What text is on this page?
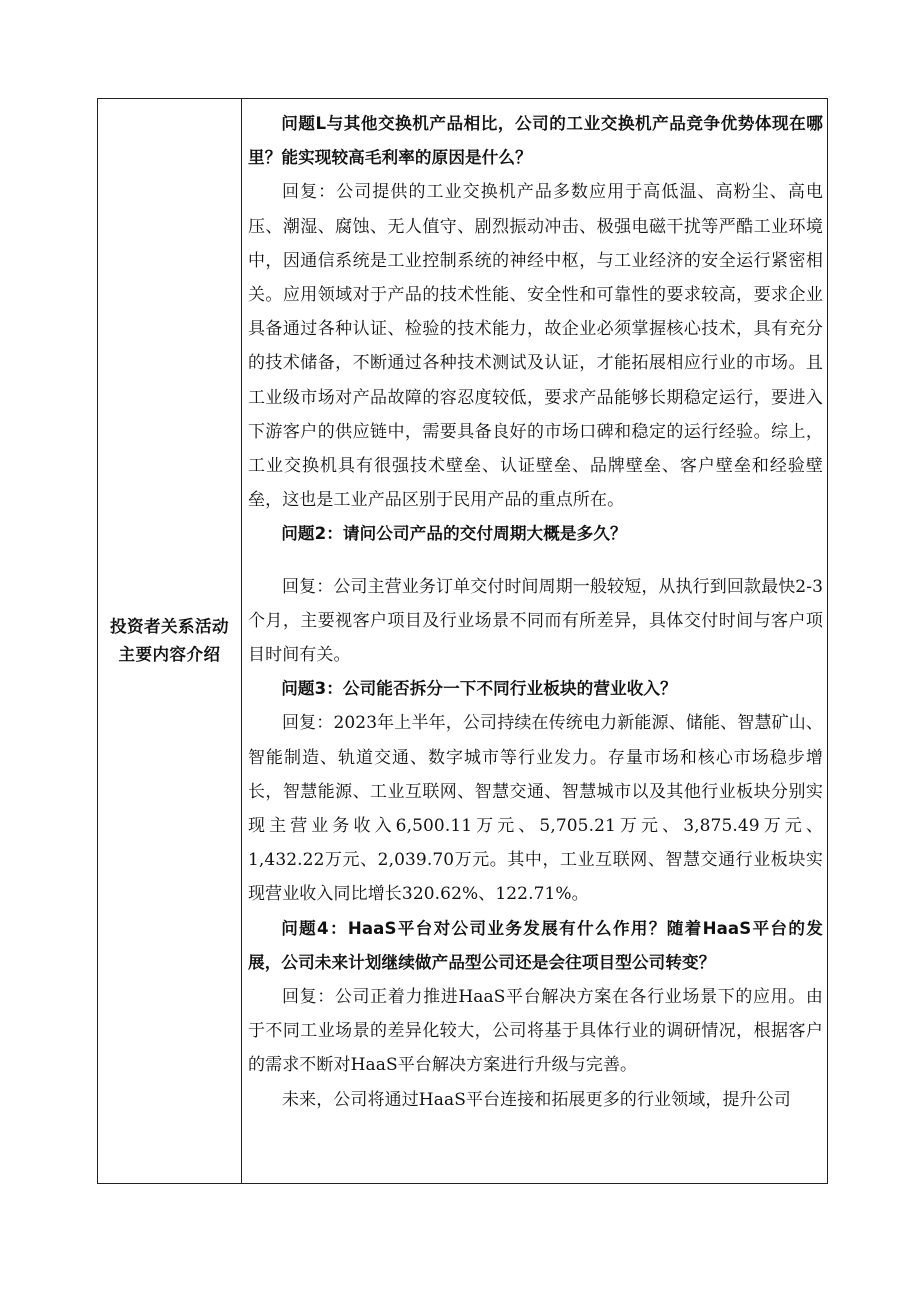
投资者关系活动
主要内容介绍

问题L与其他交换机产品相比，公司的工业交换机产品竞争优势体现在哪里？能实现较高毛利率的原因是什么？

回复：公司提供的工业交换机产品多数应用于高低温、高粉尘、高电压、潮湿、腐蚀、无人值守、剧烈振动冲击、极强电磁干扰等严酷工业环境中，因通信系统是工业控制系统的神经中枢，与工业经济的安全运行紧密相关。应用领域对于产品的技术性能、安全性和可靠性的要求较高，要求企业具备通过各种认证、检验的技术能力，故企业必须掌握核心技术，具有充分的技术储备，不断通过各种技术测试及认证，才能拓展相应行业的市场。且工业级市场对产品故障的容忍度较低，要求产品能够长期稳定运行，要进入下游客户的供应链中，需要具备良好的市场口碑和稳定的运行经验。综上，工业交换机具有很强技术壁垒、认证壁垒、品牌壁垒、客户壁垒和经验壁垒，这也是工业产品区别于民用产品的重点所在。

问题2：请问公司产品的交付周期大概是多久？

回复：公司主营业务订单交付时间周期一般较短，从执行到回款最快2-3个月，主要视客户项目及行业场景不同而有所差异，具体交付时间与客户项目时间有关。

问题3：公司能否拆分一下不同行业板块的营业收入？

回复：2023年上半年，公司持续在传统电力新能源、储能、智慧矿山、智能制造、轨道交通、数字城市等行业发力。存量市场和核心市场稳步增长，智慧能源、工业互联网、智慧交通、智慧城市以及其他行业板块分别实现主营业务收入6,500.11万元、5,705.21万元、3,875.49万元、1,432.22万元、2,039.70万元。其中，工业互联网、智慧交通行业板块实现营业收入同比增长320.62%、122.71%。

问题4：HaaS平台对公司业务发展有什么作用？随着HaaS平台的发展，公司未来计划继续做产品型公司还是会往项目型公司转变？

回复：公司正着力推进HaaS平台解决方案在各行业场景下的应用。由于不同工业场景的差异化较大，公司将基于具体行业的调研情况，根据客户的需求不断对HaaS平台解决方案进行升级与完善。

未来，公司将通过HaaS平台连接和拓展更多的行业领域，提升公司
